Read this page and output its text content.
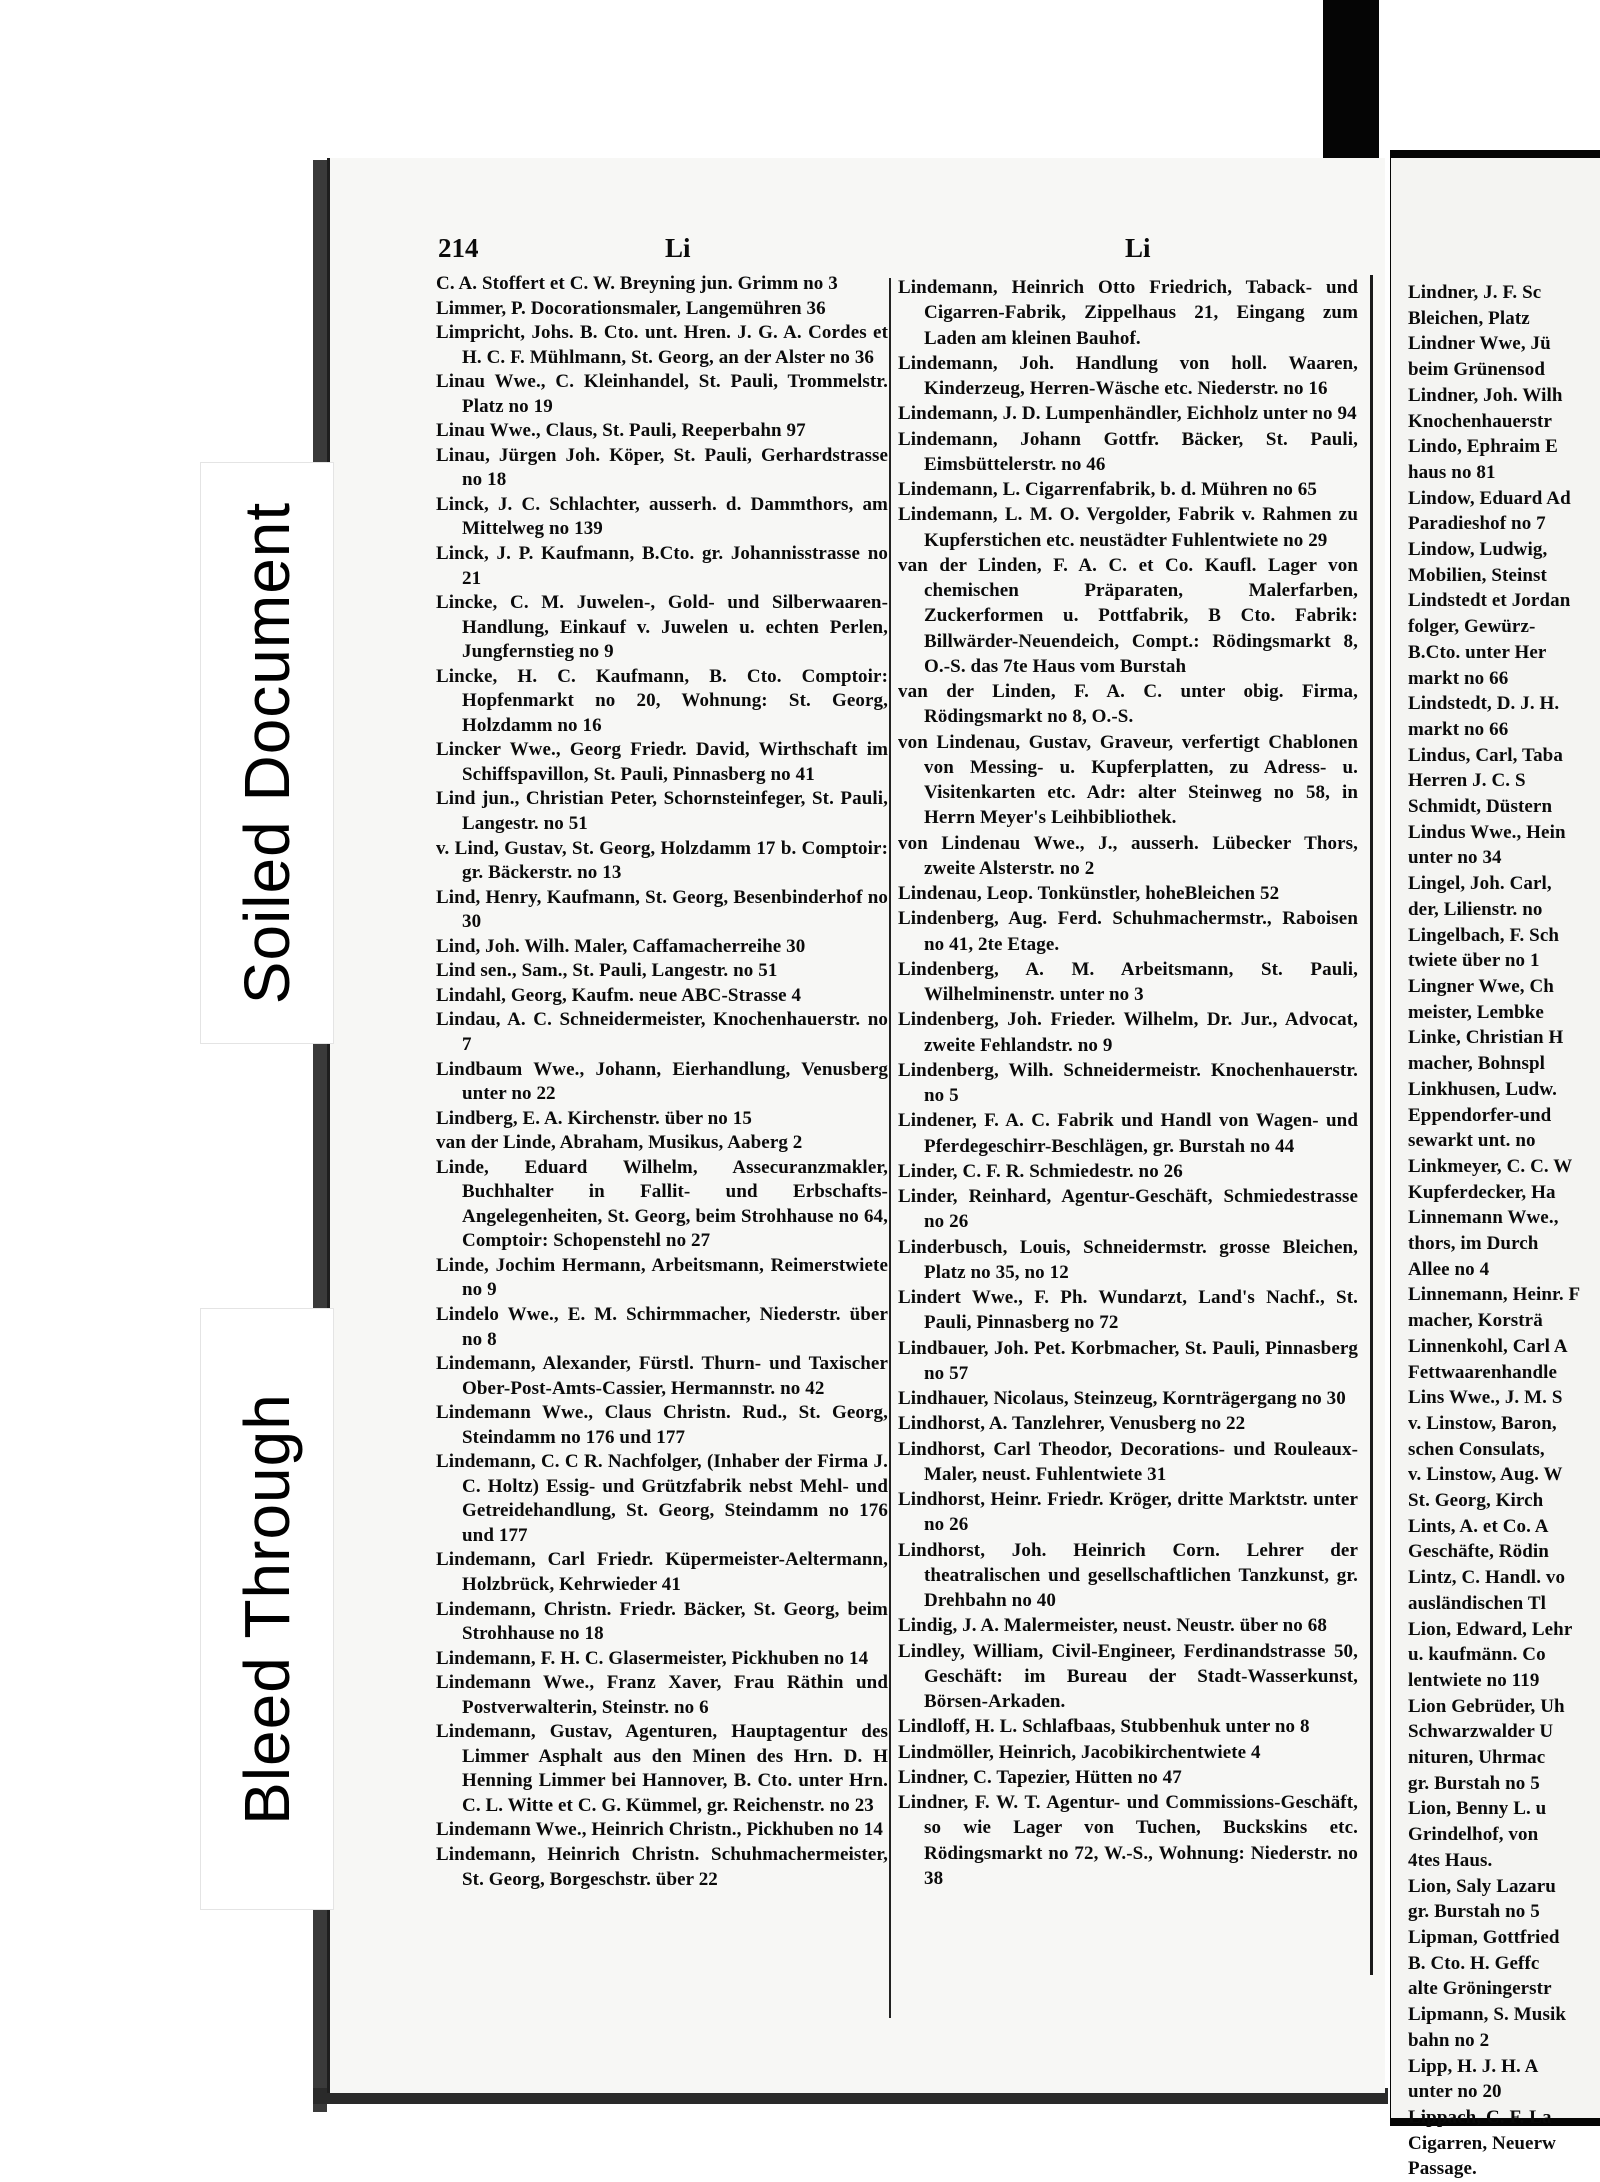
214	Li	Li

C. A. Stoffert et C. W. Breyning jun. Grimm no 3

Limmer, P. Docorationsmaler, Langemühren 36

Limpricht, Johs. B. Cto. unt. Hren. J. G. A. Cordes et H. C. F. Mühlmann, St. Georg, an der Alster no 36

Linau Wwe., C. Kleinhandel, St. Pauli, Trommelstr. Platz no 19

Linau Wwe., Claus, St. Pauli, Reeperbahn 97

Linau, Jürgen Joh. Köper, St. Pauli, Gerhardstrasse no 18

Linck, J. C. Schlachter, ausserh. d. Dammthors, am Mittelweg no 139

Linck, J. P. Kaufmann, B.Cto. gr. Johannisstrasse no 21

Lincke, C. M. Juwelen-, Gold- und Silberwaaren-Handlung, Einkauf v. Juwelen u. echten Perlen, Jungfernstieg no 9

Lincke, H. C. Kaufmann, B. Cto. Comptoir: Hopfenmarkt no 20, Wohnung: St. Georg, Holzdamm no 16

Lincker Wwe., Georg Friedr. David, Wirthschaft im Schiffspavillon, St. Pauli, Pinnasberg no 41

Lind jun., Christian Peter, Schornsteinfeger, St. Pauli, Langestr. no 51

v. Lind, Gustav, St. Georg, Holzdamm 17 b. Comptoir: gr. Bäckerstr. no 13

Lind, Henry, Kaufmann, St. Georg, Besenbinderhof no 30

Lind, Joh. Wilh. Maler, Caffamacherreihe 30

Lind sen., Sam., St. Pauli, Langestr. no 51

Lindahl, Georg, Kaufm. neue ABC-Strasse 4

Lindau, A. C. Schneidermeister, Knochenhauerstr. no 7

Lindbaum Wwe., Johann, Eierhandlung, Venusberg unter no 22

Lindberg, E. A. Kirchenstr. über no 15

van der Linde, Abraham, Musikus, Aaberg 2

Linde, Eduard Wilhelm, Assecuranzmakler, Buchhalter in Fallit- und Erbschafts-Angelegenheiten, St. Georg, beim Strohhause no 64, Comptoir: Schopenstehl no 27

Linde, Jochim Hermann, Arbeitsmann, Reimerstwiete no 9

Lindelo Wwe., E. M. Schirmmacher, Niederstr. über no 8

Lindemann, Alexander, Fürstl. Thurn- und Taxischer Ober-Post-Amts-Cassier, Hermannstr. no 42

Lindemann Wwe., Claus Christn. Rud., St. Georg, Steindamm no 176 und 177

Lindemann, C. C R. Nachfolger, (Inhaber der Firma J. C. Holtz) Essig- und Grützfabrik nebst Mehl- und Getreidehandlung, St. Georg, Steindamm no 176 und 177

Lindemann, Carl Friedr. Küpermeister-Aeltermann, Holzbrück, Kehrwieder 41

Lindemann, Christn. Friedr. Bäcker, St. Georg, beim Strohhause no 18

Lindemann, F. H. C. Glasermeister, Pickhuben no 14

Lindemann Wwe., Franz Xaver, Frau Räthin und Postverwalterin, Steinstr. no 6

Lindemann, Gustav, Agenturen, Hauptagentur des Limmer Asphalt aus den Minen des Hrn. D. H Henning Limmer bei Hannover, B. Cto. unter Hrn. C. L. Witte et C. G. Kümmel, gr. Reichenstr. no 23

Lindemann Wwe., Heinrich Christn., Pickhuben no 14

Lindemann, Heinrich Christn. Schuhmachermeister, St. Georg, Borgeschstr. über 22

Lindemann, Heinrich Otto Friedrich, Taback- und Cigarren-Fabrik, Zippelhaus 21, Eingang zum Laden am kleinen Bauhof.

Lindemann, Joh. Handlung von holl. Waaren, Kinderzeug, Herren-Wäsche etc. Niederstr. no 16

Lindemann, J. D. Lumpenhändler, Eichholz unter no 94

Lindemann, Johann Gottfr. Bäcker, St. Pauli, Eimsbüttelerstr. no 46

Lindemann, L. Cigarrenfabrik, b. d. Mühren no 65

Lindemann, L. M. O. Vergolder, Fabrik v. Rahmen zu Kupferstichen etc. neustädter Fuhlentwiete no 29

van der Linden, F. A. C. et Co. Kaufl. Lager von chemischen Präparaten, Malerfarben, Zuckerformen u. Pottfabrik, B Cto. Fabrik: Billwärder-Neuendeich, Compt.: Rödingsmarkt 8, O.-S. das 7te Haus vom Burstah

van der Linden, F. A. C. unter obig. Firma, Rödingsmarkt no 8, O.-S.

von Lindenau, Gustav, Graveur, verfertigt Chablonen von Messing- u. Kupferplatten, zu Adress- u. Visitenkarten etc. Adr: alter Steinweg no 58, in Herrn Meyer's Leihbibliothek.

von Lindenau Wwe., J., ausserh. Lübecker Thors, zweite Alsterstr. no 2

Lindenau, Leop. Tonkünstler, hoheBleichen 52

Lindenberg, Aug. Ferd. Schuhmachermstr., Raboisen no 41, 2te Etage.

Lindenberg, A. M. Arbeitsmann, St. Pauli, Wilhelminenstr. unter no 3

Lindenberg, Joh. Frieder. Wilhelm, Dr. Jur., Advocat, zweite Fehlandstr. no 9

Lindenberg, Wilh. Schneidermeistr. Knochenhauerstr. no 5

Lindener, F. A. C. Fabrik und Handl von Wagen- und Pferdegeschirr-Beschlägen, gr. Burstah no 44

Linder, C. F. R. Schmiedestr. no 26

Linder, Reinhard, Agentur-Geschäft, Schmiedestrasse no 26

Linderbusch, Louis, Schneidermstr. grosse Bleichen, Platz no 35, no 12

Lindert Wwe., F. Ph. Wundarzt, Land's Nachf., St. Pauli, Pinnasberg no 72

Lindbauer, Joh. Pet. Korbmacher, St. Pauli, Pinnasberg no 57

Lindhauer, Nicolaus, Steinzeug, Kornträgergang no 30

Lindhorst, A. Tanzlehrer, Venusberg no 22

Lindhorst, Carl Theodor, Decorations- und Rouleaux-Maler, neust. Fuhlentwiete 31

Lindhorst, Heinr. Friedr. Kröger, dritte Marktstr. unter no 26

Lindhorst, Joh. Heinrich Corn. Lehrer der theatralischen und gesellschaftlichen Tanzkunst, gr. Drehbahn no 40

Lindig, J. A. Malermeister, neust. Neustr. über no 68

Lindley, William, Civil-Engineer, Ferdinandstrasse 50, Geschäft: im Bureau der Stadt-Wasserkunst, Börsen-Arkaden.

Lindloff, H. L. Schlafbaas, Stubbenhuk unter no 8

Lindmöller, Heinrich, Jacobikirchentwiete 4

Lindner, C. Tapezier, Hütten no 47

Lindner, F. W. T. Agentur- und Commissions-Geschäft, so wie Lager von Tuchen, Buckskins etc. Rödingsmarkt no 72, W.-S., Wohnung: Niederstr. no 38

Lindner, J. F. Sc

Bleichen, Platz

Lindner Wwe, Jü

beim Grünensod

Lindner, Joh. Wilh

Knochenhauerstr

Lindo, Ephraim E

haus no 81

Lindow, Eduard Ad

Paradieshof no 7

Lindow, Ludwig,

Mobilien, Steinst

Lindstedt et Jordan

folger, Gewürz-

B.Cto. unter Her

markt no 66

Lindstedt, D. J. H.

markt no 66

Lindus, Carl, Taba

Herren J. C. S

Schmidt, Düstern

Lindus Wwe., Hein

unter no 34

Lingel, Joh. Carl,

der, Lilienstr. no

Lingelbach, F. Sch

twiete über no 1

Lingner Wwe, Ch

meister, Lembke

Linke, Christian H

macher, Bohnspl

Linkhusen, Ludw.

Eppendorfer-und

sewarkt unt. no

Linkmeyer, C. C. W

Kupferdecker, Ha

Linnemann Wwe.,

thors, im Durch

Allee no 4

Linnemann, Heinr. F

macher, Korsträ

Linnenkohl, Carl A

Fettwaarenhandle

Lins Wwe., J. M. S

v. Linstow, Baron,

schen Consulats,

v. Linstow, Aug. W

St. Georg, Kirch

Lints, A. et Co. A

Geschäfte, Rödin

Lintz, C. Handl. vo

ausländischen Tl

Lion, Edward, Lehr

u. kaufmänn. Co

lentwiete no 119

Lion Gebrüder, Uh

Schwarzwalder U

nituren, Uhrmac

gr. Burstah no 5

Lion, Benny L. u

Grindelhof, von

4tes Haus.

Lion, Saly Lazaru

gr. Burstah no 5

Lipman, Gottfried

B. Cto. H. Geffc

alte Gröningerstr

Lipmann, S. Musik

bahn no 2

Lipp, H. J. H. A

unter no 20

Lippach, C. F. La

Cigarren, Neuerw

Passage.

Soiled Document
Bleed Through
